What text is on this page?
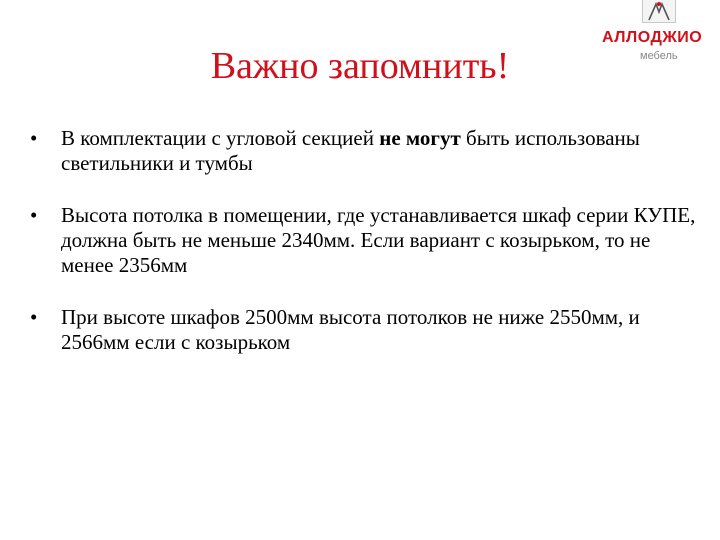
Важно запомнить!
АЛЛОДЖИО
мебель
•	В комплектации с угловой секцией не могут быть использованы светильники и тумбы
•	Высота потолка в помещении, где устанавливается шкаф серии КУПЕ, должна быть не меньше 2340мм. Если вариант с козырьком, то не менее 2356мм
•	При высоте шкафов 2500мм высота потолков не ниже 2550мм, и 2566мм если с козырьком
